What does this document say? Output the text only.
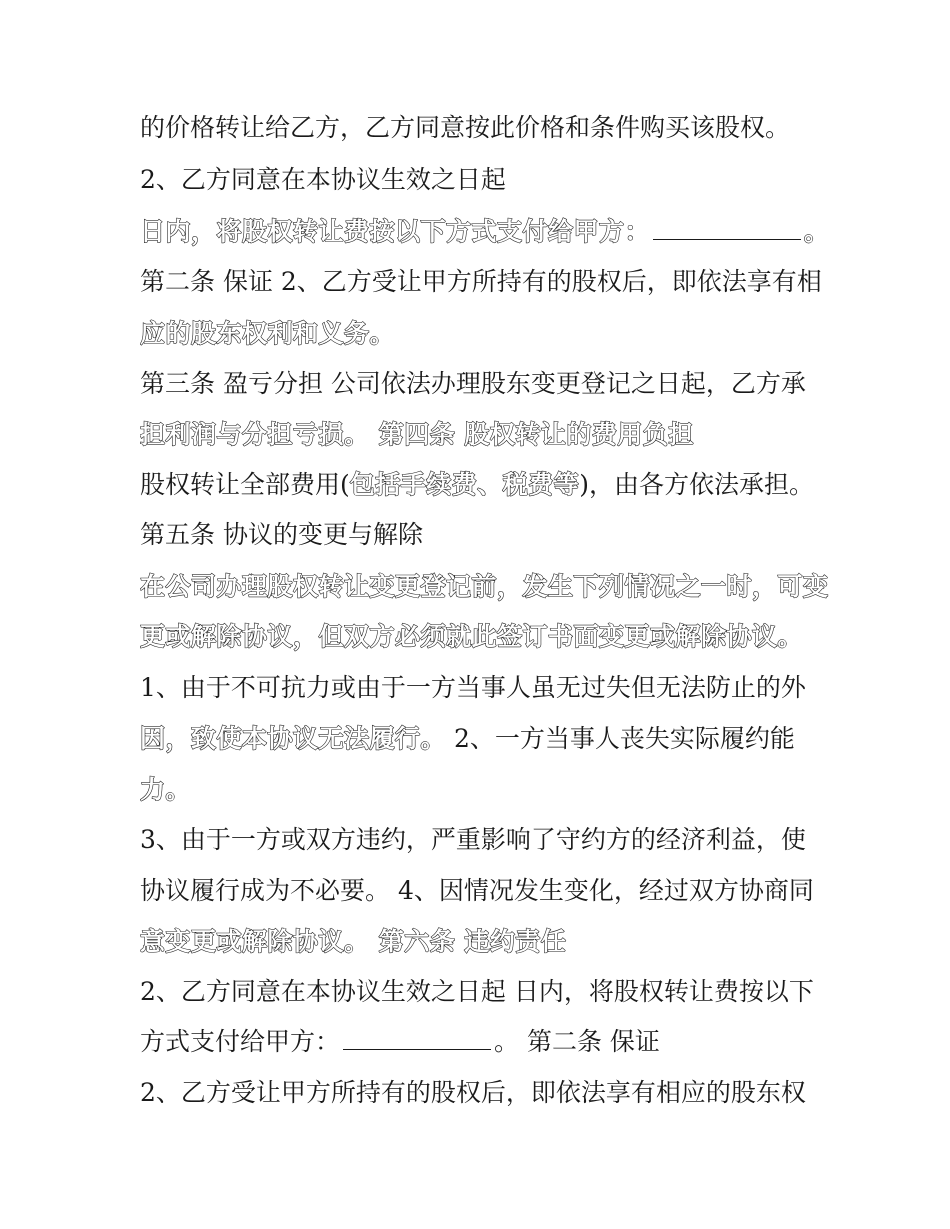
的价格转让给乙方，乙方同意按此价格和条件购买该股权。
2、乙方同意在本协议生效之日起
日内，将股权转让费按以下方式支付给甲方：	。
第二条 保证 2、乙方受让甲方所持有的股权后，即依法享有相
应的股东权利和义务。
第三条 盈亏分担 公司依法办理股东变更登记之日起，乙方承
担利润与分担亏损。 第四条 股权转让的费用负担
股权转让全部费用(包括手续费、税费等)，由各方依法承担。
第五条 协议的变更与解除
在公司办理股权转让变更登记前，发生下列情况之一时，可变
更或解除协议，但双方必须就此签订书面变更或解除协议。
1、由于不可抗力或由于一方当事人虽无过失但无法防止的外
因，致使本协议无法履行。 2、一方当事人丧失实际履约能
力。
3、由于一方或双方违约，严重影响了守约方的经济利益，使
协议履行成为不必要。 4、因情况发生变化，经过双方协商同
意变更或解除协议。 第六条 违约责任
2、乙方同意在本协议生效之日起 日内，将股权转让费按以下
方式支付给甲方：	。 第二条 保证
2、乙方受让甲方所持有的股权后，即依法享有相应的股东权
